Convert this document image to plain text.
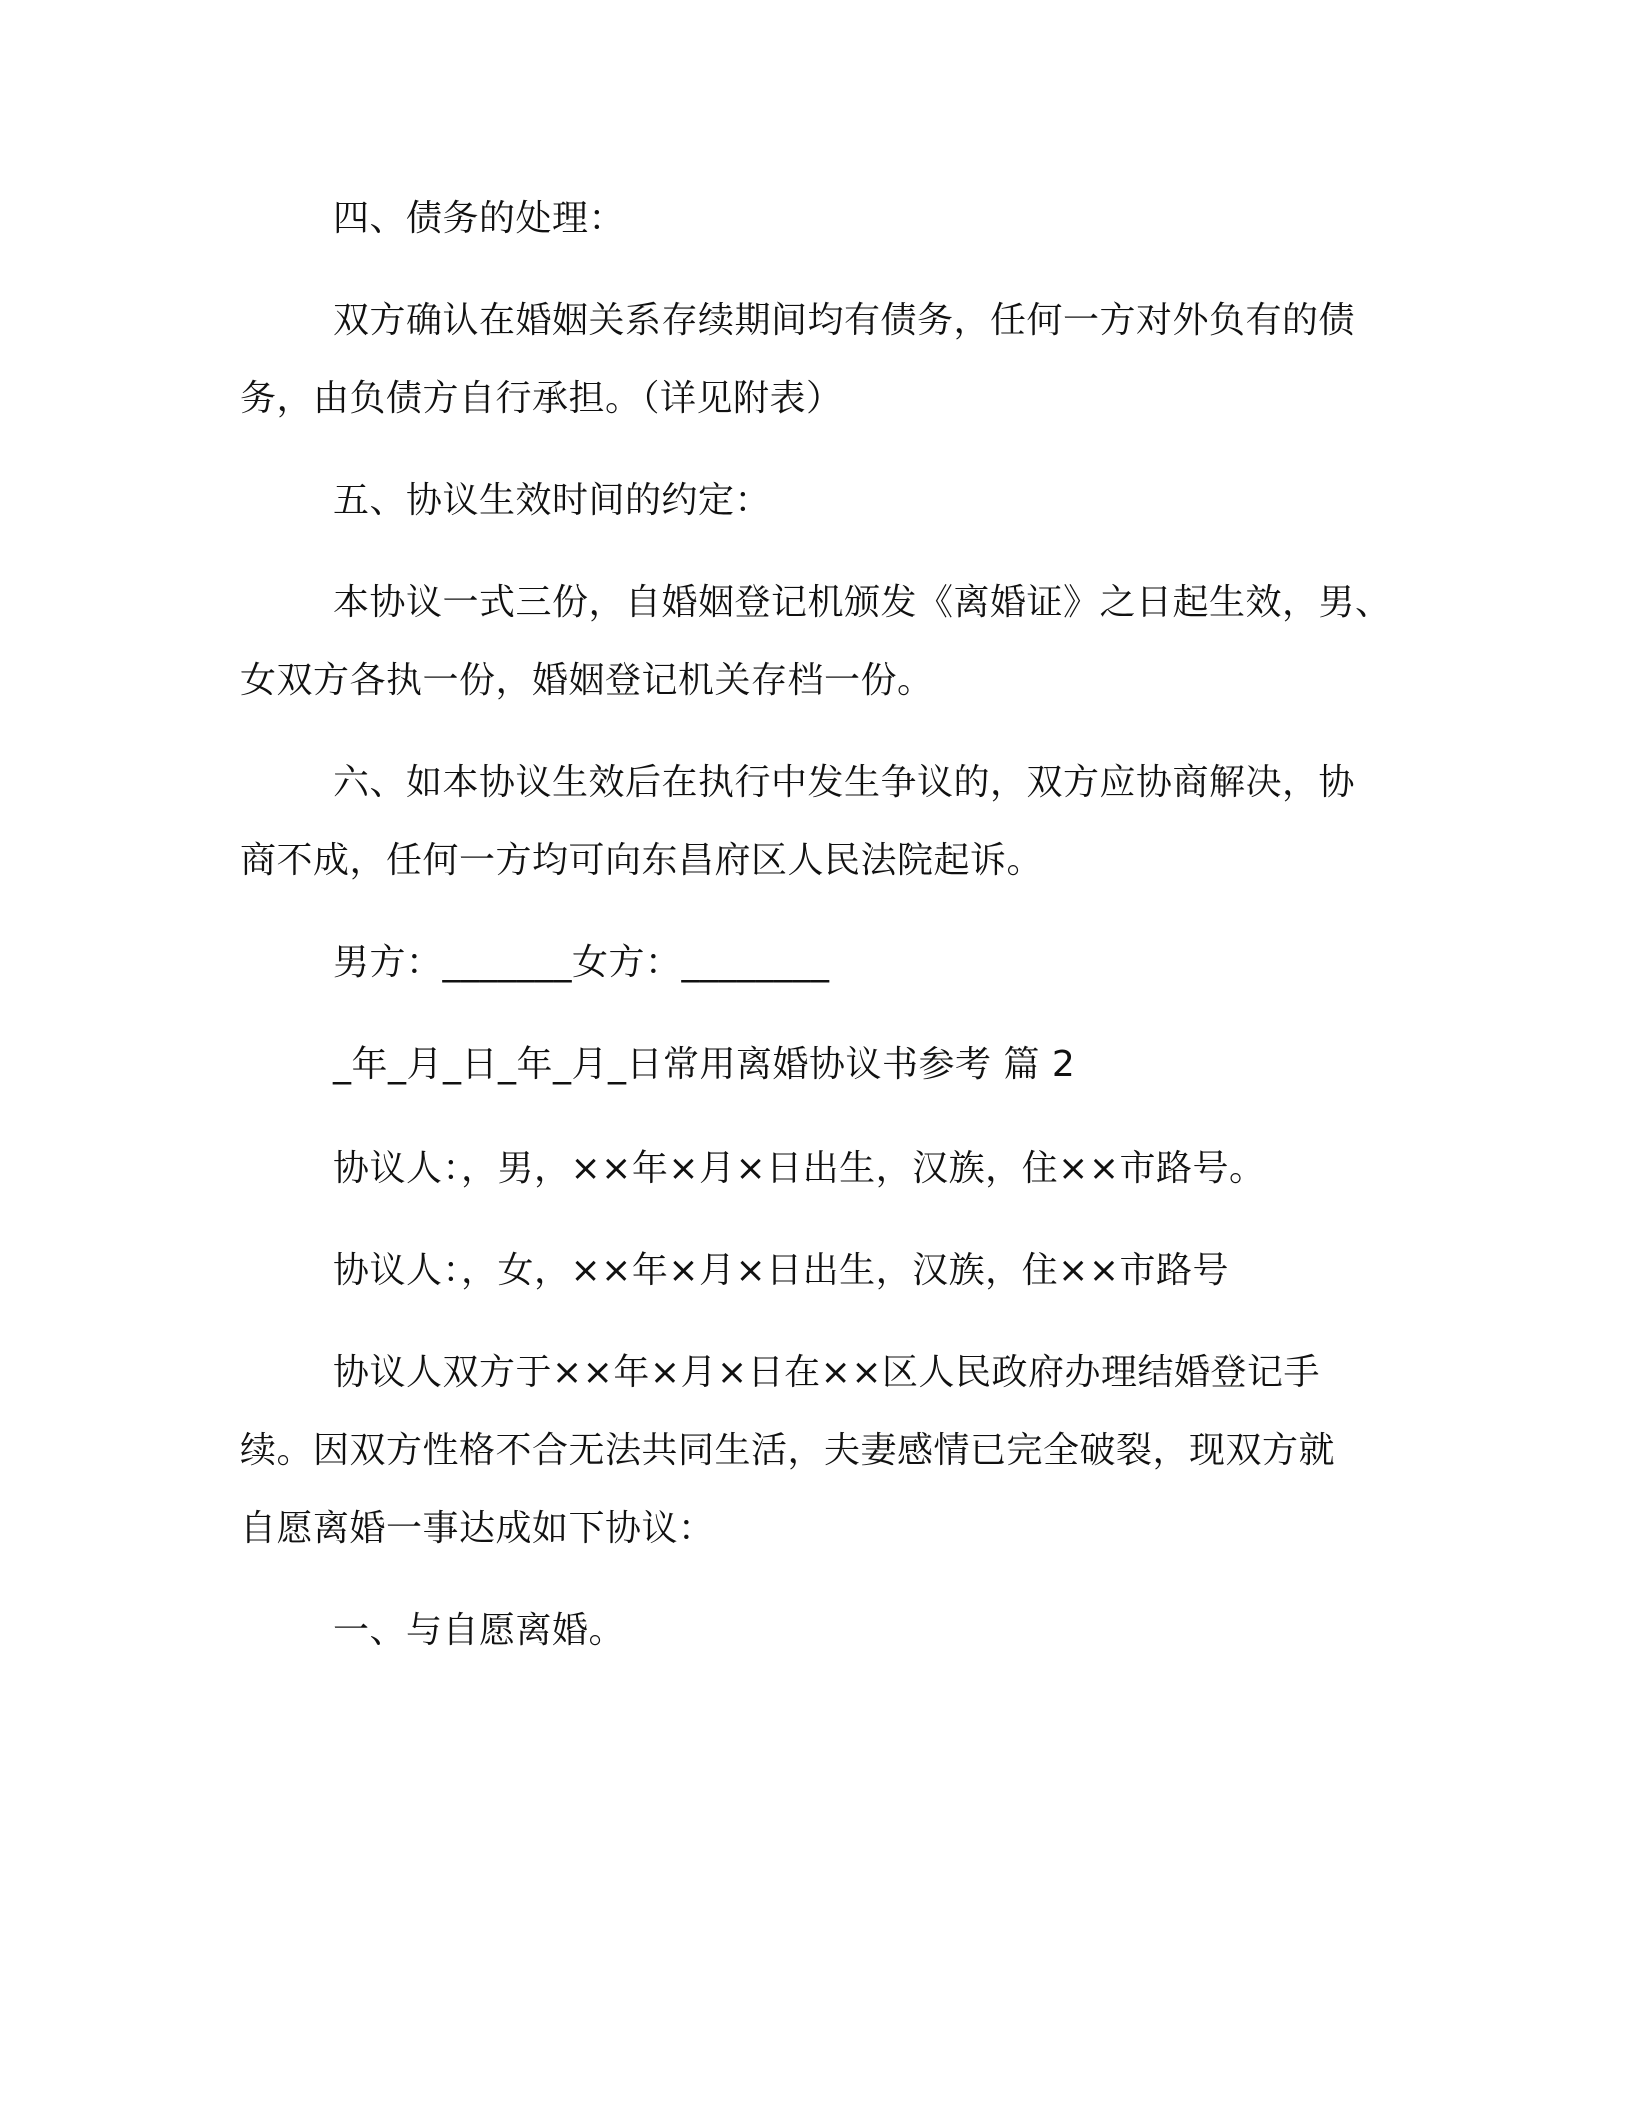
四、债务的处理：

双方确认在婚姻关系存续期间均有债务，任何一方对外负有的债

务，由负债方自行承担。（详见附表）

五、协议生效时间的约定：

本协议一式三份，自婚姻登记机颁发《离婚证》之日起生效，男、

女双方各执一份，婚姻登记机关存档一份。

六、如本协议生效后在执行中发生争议的，双方应协商解决，协

商不成，任何一方均可向东昌府区人民法院起诉。

男方：_______女方：________

_年_月_日_年_月_日常用离婚协议书参考 篇 2

协议人：，男，××年×月×日出生，汉族，住××市路号。

协议人：，女，××年×月×日出生，汉族，住××市路号

协议人双方于××年×月×日在××区人民政府办理结婚登记手

续。因双方性格不合无法共同生活，夫妻感情已完全破裂，现双方就

自愿离婚一事达成如下协议：

一、与自愿离婚。
